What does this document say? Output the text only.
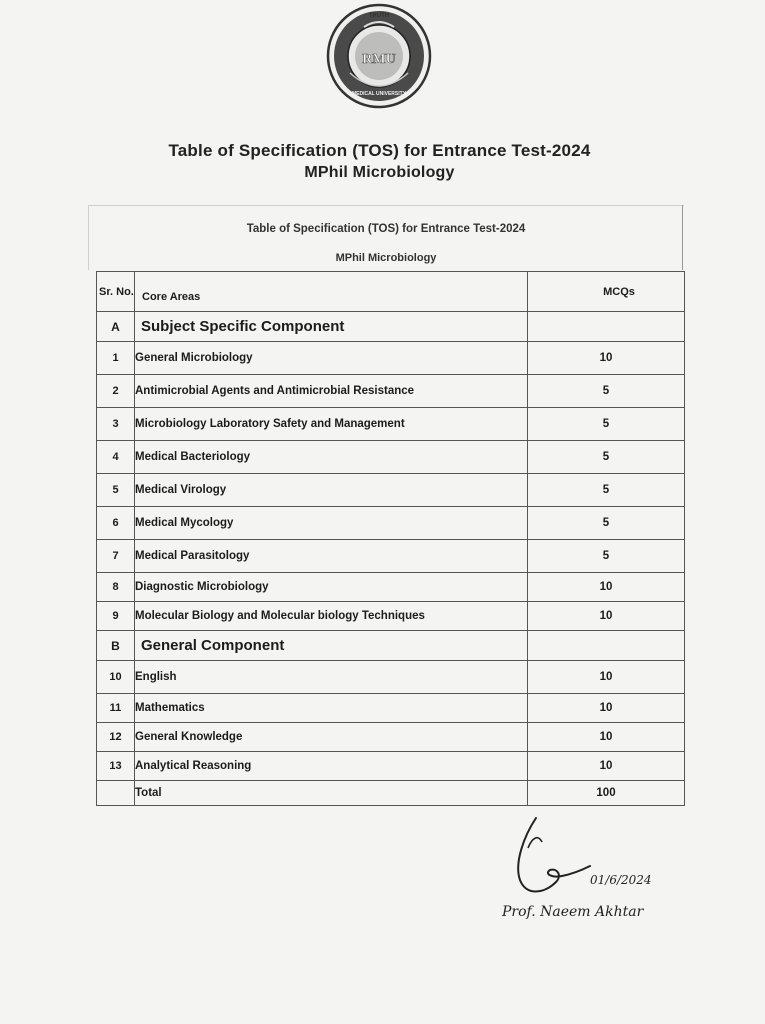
TRUTH
RMU
MEDICAL UNIVERSITY
Table of Specification (TOS) for Entrance Test-2024
MPhil Microbiology
Table of Specification (TOS) for Entrance Test-2024
MPhil Microbiology
Sr. No.	Core Areas	MCQs
A	Subject Specific Component	
1	General Microbiology	10
2	Antimicrobial Agents and Antimicrobial Resistance	5
3	Microbiology Laboratory Safety and Management	5
4	Medical Bacteriology	5
5	Medical Virology	5
6	Medical Mycology	5
7	Medical Parasitology	5
8	Diagnostic Microbiology	10
9	Molecular Biology and Molecular biology Techniques	10
B	General Component	
10	English	10
11	Mathematics	10
12	General Knowledge	10
13	Analytical Reasoning	10
	Total	100
01/6/2024
Prof. Naeem Akhtar
